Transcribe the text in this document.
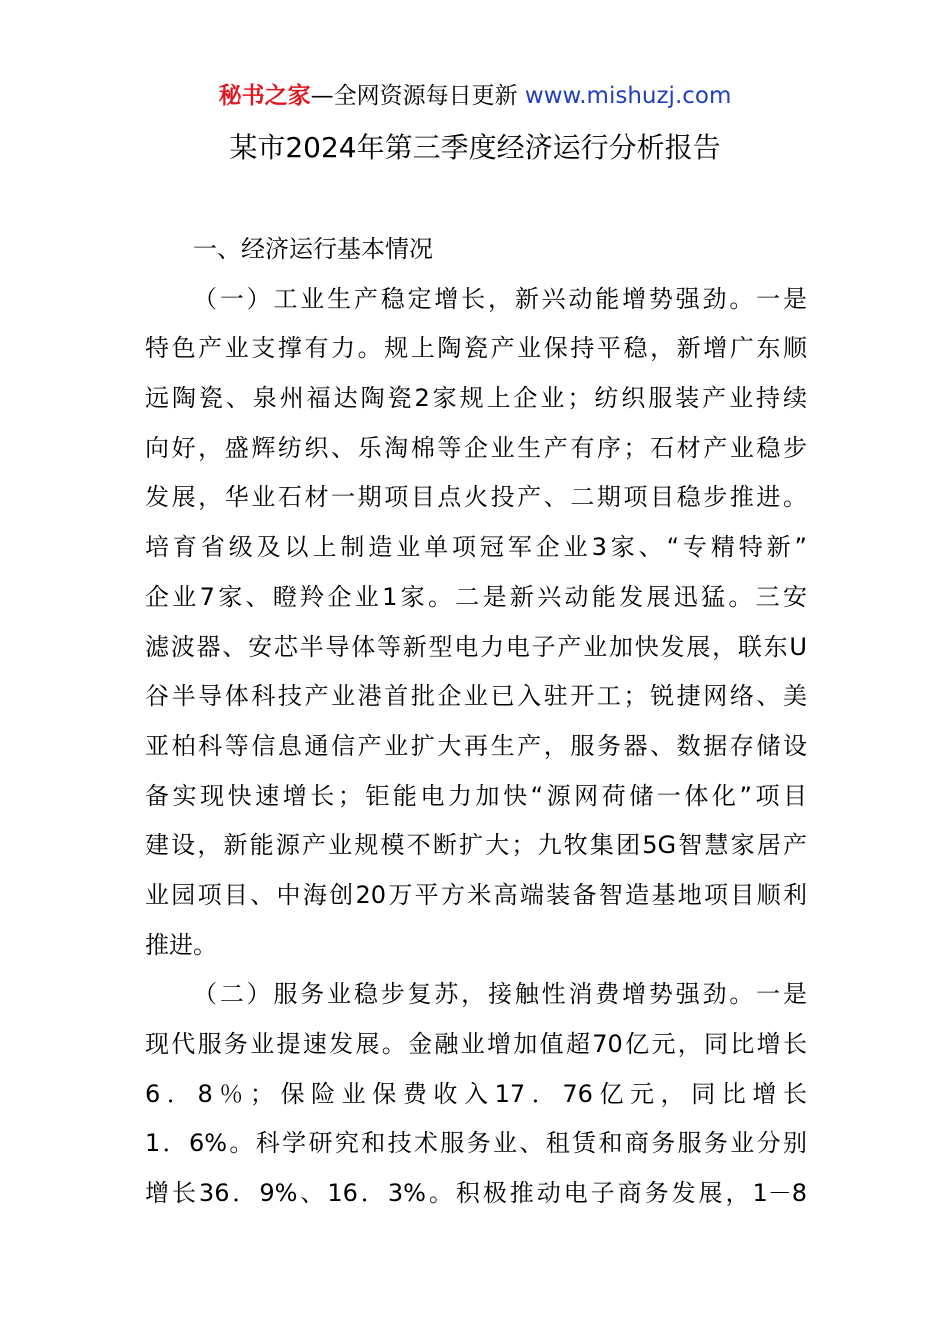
秘书之家—全网资源每日更新 www.mishuzj.com
某市2024年第三季度经济运行分析报告
一、经济运行基本情况
（一）工业生产稳定增长，新兴动能增势强劲。一是
特色产业支撑有力。规上陶瓷产业保持平稳，新增广东顺
远陶瓷、泉州福达陶瓷2家规上企业；纺织服装产业持续
向好，盛辉纺织、乐淘棉等企业生产有序；石材产业稳步
发展，华业石材一期项目点火投产、二期项目稳步推进。
培育省级及以上制造业单项冠军企业3家、“专精特新”
企业7家、瞪羚企业1家。二是新兴动能发展迅猛。三安
滤波器、安芯半导体等新型电力电子产业加快发展，联东U
谷半导体科技产业港首批企业已入驻开工；锐捷网络、美
亚柏科等信息通信产业扩大再生产，服务器、数据存储设
备实现快速增长；钜能电力加快“源网荷储一体化”项目
建设，新能源产业规模不断扩大；九牧集团5G智慧家居产
业园项目、中海创20万平方米高端装备智造基地项目顺利
推进。
（二）服务业稳步复苏，接触性消费增势强劲。一是
现代服务业提速发展。金融业增加值超70亿元，同比增长
6．8％；保险业保费收入17．76亿元，同比增长
1．6%。科学研究和技术服务业、租赁和商务服务业分别
增长36．9%、16．3%。积极推动电子商务发展，1－8
